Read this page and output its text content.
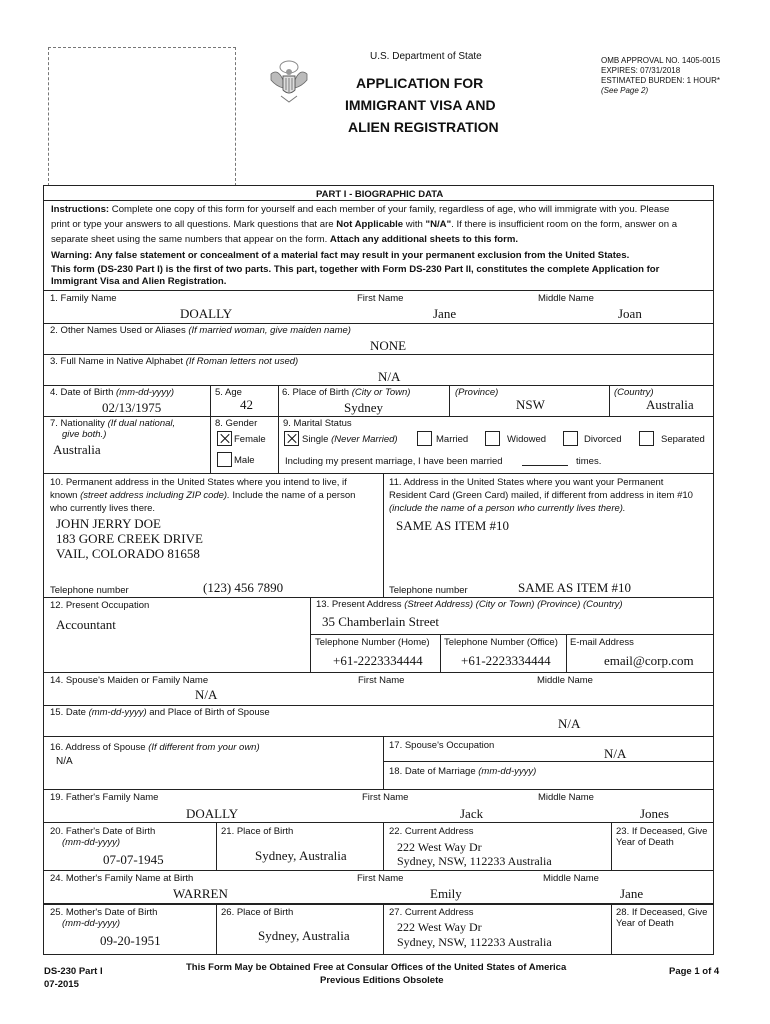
U.S. Department of State
APPLICATION FOR
IMMIGRANT VISA AND
ALIEN REGISTRATION
OMB APPROVAL NO. 1405-0015
EXPIRES: 07/31/2018
ESTIMATED BURDEN: 1 HOUR*
(See Page 2)
PART I - BIOGRAPHIC DATA
Instructions: Complete one copy of this form for yourself and each member of your family, regardless of age, who will immigrate with you. Please
print or type your answers to all questions. Mark questions that are Not Applicable with "N/A". If there is insufficient room on the form, answer on a
separate sheet using the same numbers that appear on the form. Attach any additional sheets to this form.
Warning: Any false statement or concealment of a material fact may result in your permanent exclusion from the United States.
This form (DS-230 Part I) is the first of two parts. This part, together with Form DS-230 Part II, constitutes the complete Application for
Immigrant Visa and Alien Registration.
1. Family Name	First Name	Middle Name
DOALLY	Jane	Joan
2. Other Names Used or Aliases (If married woman, give maiden name)
NONE
3. Full Name in Native Alphabet (If Roman letters not used)
N/A
4. Date of Birth (mm-dd-yyyy)
02/13/1975
5. Age
42
6. Place of Birth (City or Town)	(Province)	(Country)
Sydney	NSW	Australia
7. Nationality (If dual national,
give both.)
Australia
8. Gender
Female
Male
9. Marital Status
Single (Never Married)	Married	Widowed	Divorced	Separated
Including my present marriage, I have been married	times.
10. Permanent address in the United States where you intend to live, if
known (street address including ZIP code). Include the name of a person
who currently lives there.
JOHN JERRY DOE
183 GORE CREEK DRIVE
VAIL, COLORADO 81658
Telephone number	(123) 456 7890
11. Address in the United States where you want your Permanent
Resident Card (Green Card) mailed, if different from address in item #10
(include the name of a person who currently lives there).
SAME AS ITEM #10
Telephone number	SAME AS ITEM #10
12. Present Occupation
Accountant
13. Present Address (Street Address) (City or Town) (Province) (Country)
35 Chamberlain Street
Telephone Number (Home) Telephone Number (Office) E-mail Address
+61-2223334444	+61-2223334444	email@corp.com
14. Spouse's Maiden or Family Name	First Name	Middle Name
N/A
15. Date (mm-dd-yyyy) and Place of Birth of Spouse
N/A
16. Address of Spouse (If different from your own)
N/A
17. Spouse's Occupation
N/A
18. Date of Marriage (mm-dd-yyyy)
19. Father's Family Name	First Name	Middle Name
DOALLY	Jack	Jones
20. Father's Date of Birth
(mm-dd-yyyy)
07-07-1945
21. Place of Birth
Sydney, Australia
22. Current Address
222 West Way Dr
Sydney, NSW, 112233 Australia
23. If Deceased, Give
Year of Death
24. Mother's Family Name at Birth	First Name	Middle Name
WARREN	Emily	Jane
25. Mother's Date of Birth
(mm-dd-yyyy)
09-20-1951
26. Place of Birth
Sydney, Australia
27. Current Address
222 West Way Dr
Sydney, NSW, 112233 Australia
28. If Deceased, Give
Year of Death
DS-230 Part I
07-2015
This Form May be Obtained Free at Consular Offices of the United States of America
Previous Editions Obsolete
Page 1 of 4
